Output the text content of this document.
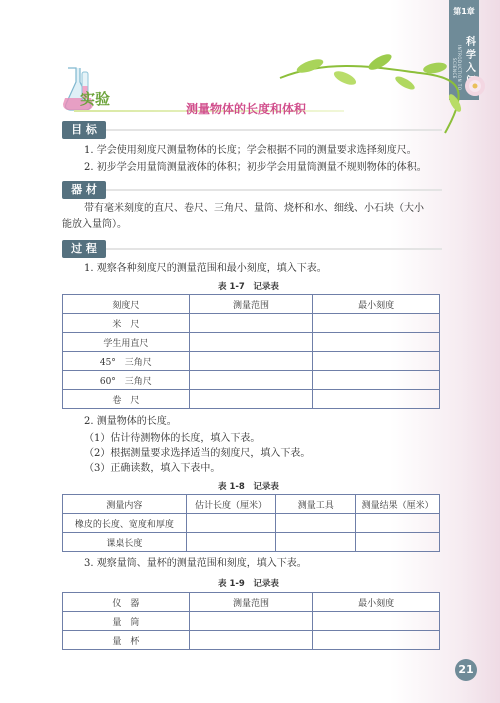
第1章
INTRODUCTION TO SCIENCE
科
学
入
实验
测量物体的长度和体积
目 标
1. 学会使用刻度尺测量物体的长度；学会根据不同的测量要求选择刻度尺。
2. 初步学会用量筒测量液体的体积；初步学会用量筒测量不规则物体的体积。
器 材
带有毫米刻度的直尺、卷尺、三角尺、量筒、烧杯和水、细线、小石块（大小
能放入量筒）。
过 程
1. 观察各种刻度尺的测量范围和最小刻度，填入下表。
表 1-7　记录表
刻度尺	测量范围	最小刻度
米　尺		
学生用直尺		
45°　三角尺		
60°　三角尺		
卷　尺		
2. 测量物体的长度。
（1）估计待测物体的长度，填入下表。
（2）根据测量要求选择适当的刻度尺，填入下表。
（3）正确读数，填入下表中。
表 1-8　记录表
测量内容	估计长度（厘米）	测量工具	测量结果（厘米）
橡皮的长度、宽度和厚度			
课桌长度			
3. 观察量筒、量杯的测量范围和刻度，填入下表。
表 1-9　记录表
仪　器	测量范围	最小刻度
量　筒		
量　杯		
21
